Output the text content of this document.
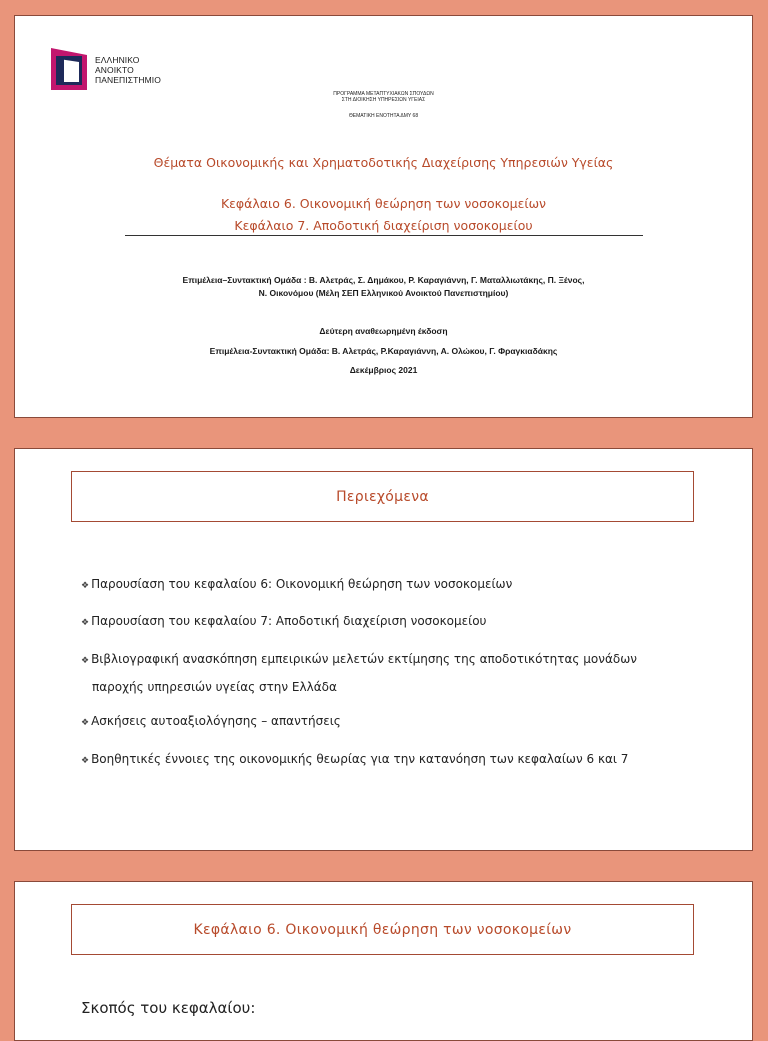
ΕΛΛΗΝΙΚΟ
ΑΝΟΙΚΤΟ
ΠΑΝΕΠΙΣΤΗΜΙΟ
ΠΡΟΓΡΑΜΜΑ ΜΕΤΑΠΤΥΧΙΑΚΩΝ ΣΠΟΥΔΩΝ
ΣΤΗ ΔΙΟΙΚΗΣΗ ΥΠΗΡΕΣΙΩΝ ΥΓΕΙΑΣ
ΘΕΜΑΤΙΚΗ ΕΝΟΤΗΤΑ ΔΜΥ 68
Θέματα Οικονομικής και Χρηματοδοτικής Διαχείρισης Υπηρεσιών Υγείας
Κεφάλαιο 6. Οικονομική θεώρηση των νοσοκομείων
Κεφάλαιο 7. Αποδοτική διαχείριση νοσοκομείου
Επιμέλεια–Συντακτική Ομάδα : Β. Αλετράς, Σ. Δημάκου, Ρ. Καραγιάννη, Γ. Ματαλλιωτάκης, Π. Ξένος,
Ν. Οικονόμου (Μέλη ΣΕΠ Ελληνικού Ανοικτού Πανεπιστημίου)
Δεύτερη αναθεωρημένη έκδοση
Επιμέλεια-Συντακτική Ομάδα: Β. Αλετράς, Ρ.Καραγιάννη, Α. Ολώκου, Γ. Φραγκιαδάκης
Δεκέμβριος 2021
Περιεχόμενα
❖ Παρουσίαση του κεφαλαίου 6: Οικονομική θεώρηση των νοσοκομείων
❖ Παρουσίαση του κεφαλαίου 7: Αποδοτική διαχείριση νοσοκομείου
❖ Βιβλιογραφική ανασκόπηση εμπειρικών μελετών εκτίμησης της αποδοτικότητας μονάδων
παροχής υπηρεσιών υγείας στην Ελλάδα
❖ Ασκήσεις αυτοαξιολόγησης – απαντήσεις
❖ Βοηθητικές έννοιες της οικονομικής θεωρίας για την κατανόηση των κεφαλαίων 6 και 7
Κεφάλαιο 6. Οικονομική θεώρηση των νοσοκομείων
Σκοπός του κεφαλαίου:
